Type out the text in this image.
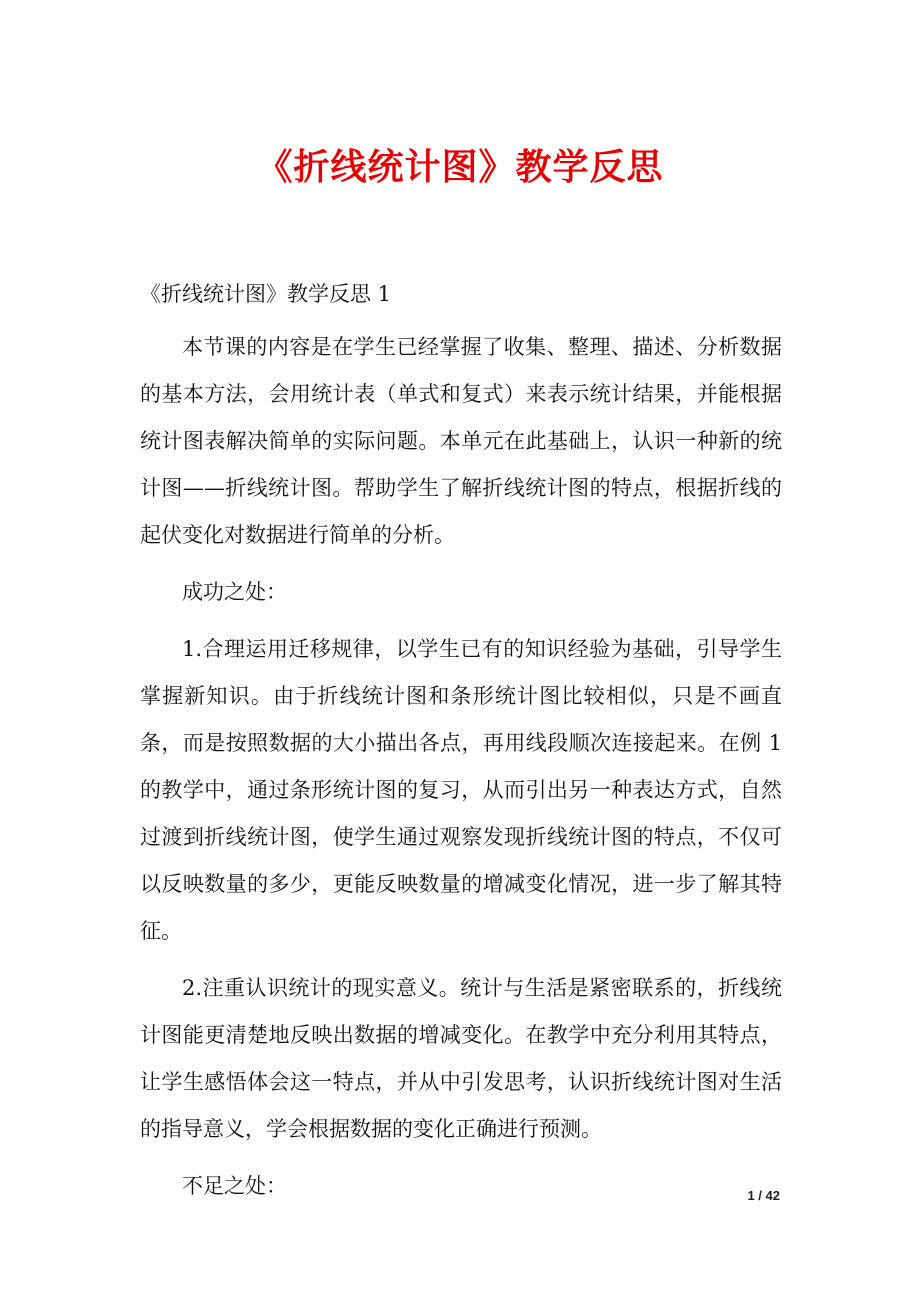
《折线统计图》教学反思
《折线统计图》教学反思 1

本节课的内容是在学生已经掌握了收集、整理、描述、分析数据的基本方法，会用统计表（单式和复式）来表示统计结果，并能根据统计图表解决简单的实际问题。本单元在此基础上，认识一种新的统计图——折线统计图。帮助学生了解折线统计图的特点，根据折线的起伏变化对数据进行简单的分析。

成功之处：

1.合理运用迁移规律，以学生已有的知识经验为基础，引导学生掌握新知识。由于折线统计图和条形统计图比较相似，只是不画直条，而是按照数据的大小描出各点，再用线段顺次连接起来。在例 1 的教学中，通过条形统计图的复习，从而引出另一种表达方式，自然过渡到折线统计图，使学生通过观察发现折线统计图的特点，不仅可以反映数量的多少，更能反映数量的增减变化情况，进一步了解其特征。

2.注重认识统计的现实意义。统计与生活是紧密联系的，折线统计图能更清楚地反映出数据的增减变化。在教学中充分利用其特点，让学生感悟体会这一特点，并从中引发思考，认识折线统计图对生活的指导意义，学会根据数据的变化正确进行预测。

不足之处：	1 / 42
